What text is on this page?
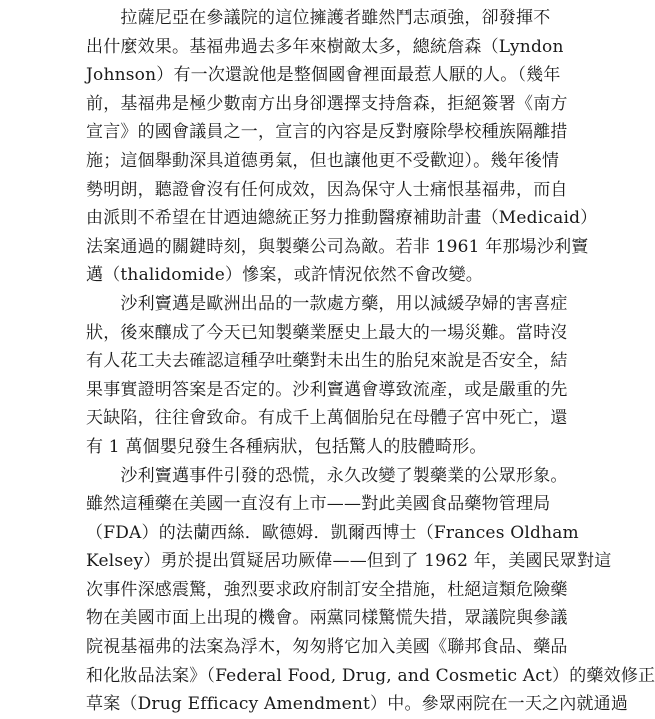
　　拉薩尼亞在參議院的這位擁護者雖然鬥志頑強，卻發揮不
出什麼效果。基福弗過去多年來樹敵太多，總統詹森（Lyndon
Johnson）有一次還說他是整個國會裡面最惹人厭的人。（幾年
前，基福弗是極少數南方出身卻選擇支持詹森，拒絕簽署《南方
宣言》的國會議員之一，宣言的內容是反對廢除學校種族隔離措
施；這個舉動深具道德勇氣，但也讓他更不受歡迎）。幾年後情
勢明朗，聽證會沒有任何成效，因為保守人士痛恨基福弗，而自
由派則不希望在甘迺迪總統正努力推動醫療補助計畫（Medicaid）
法案通過的關鍵時刻，與製藥公司為敵。若非 1961 年那場沙利竇
邁（thalidomide）慘案，或許情況依然不會改變。
　　沙利竇邁是歐洲出品的一款處方藥，用以減緩孕婦的害喜症
狀，後來釀成了今天已知製藥業歷史上最大的一場災難。當時沒
有人花工夫去確認這種孕吐藥對未出生的胎兒來說是否安全，結
果事實證明答案是否定的。沙利竇邁會導致流產，或是嚴重的先
天缺陷，往往會致命。有成千上萬個胎兒在母體子宮中死亡，還
有 1 萬個嬰兒發生各種病狀，包括驚人的肢體畸形。
　　沙利竇邁事件引發的恐慌，永久改變了製藥業的公眾形象。
雖然這種藥在美國一直沒有上市——對此美國食品藥物管理局
（FDA）的法蘭西絲．歐德姆．凱爾西博士（Frances Oldham
Kelsey）勇於提出質疑居功厥偉——但到了 1962 年，美國民眾對這
次事件深感震驚，強烈要求政府制訂安全措施，杜絕這類危險藥
物在美國市面上出現的機會。兩黨同樣驚慌失措，眾議院與參議
院視基福弗的法案為浮木，匆匆將它加入美國《聯邦食品、藥品
和化妝品法案》（Federal Food, Drug, and Cosmetic Act）的藥效修正
草案（Drug Efficacy Amendment）中。參眾兩院在一天之內就通過
